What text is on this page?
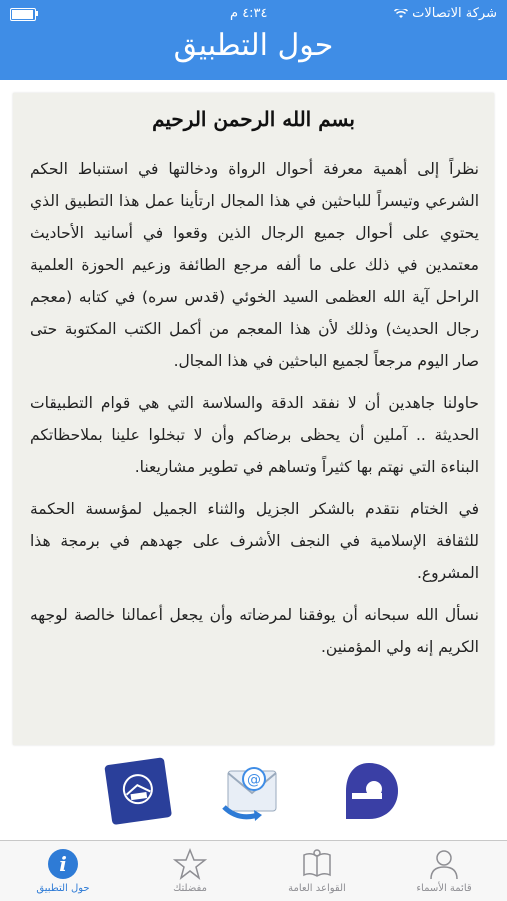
٤:٣٤ م	شركة الاتصالات
حول التطبيق
بسم الله الرحمن الرحيم

نظراً إلى أهمية معرفة أحوال الرواة ودخالتها في استنباط الحكم الشرعي وتيسراً للباحثين في هذا المجال ارتأينا عمل هذا التطبيق الذي يحتوي على أحوال جميع الرجال الذين وقعوا في أسانيد الأحاديث معتمدين في ذلك على ما ألفه مرجع الطائفة وزعيم الحوزة العلمية الراحل آية الله العظمى السيد الخوئي (قدس سره) في كتابه (معجم رجال الحديث) وذلك لأن هذا المعجم من أكمل الكتب المكتوبة حتى صار اليوم مرجعاً لجميع الباحثين في هذا المجال.

حاولنا جاهدين أن لا نفقد الدقة والسلاسة التي هي قوام التطبيقات الحديثة .. آملين أن يحظى برضاكم وأن لا تبخلوا علينا بملاحظاتكم البناءة التي نهتم بها كثيراً وتساهم في تطوير مشاريعنا.

في الختام نتقدم بالشكر الجزيل والثناء الجميل لمؤسسة الحكمة للثقافة الإسلامية في النجف الأشرف على جهدهم في برمجة هذا المشروع.

نسأل الله سبحانه أن يوفقنا لمرضاته وأن يجعل أعمالنا خالصة لوجهه الكريم إنه ولي المؤمنين.

@
i
حول التطبيق	مفضلتك	القواعد العامة	قائمة الأسماء
